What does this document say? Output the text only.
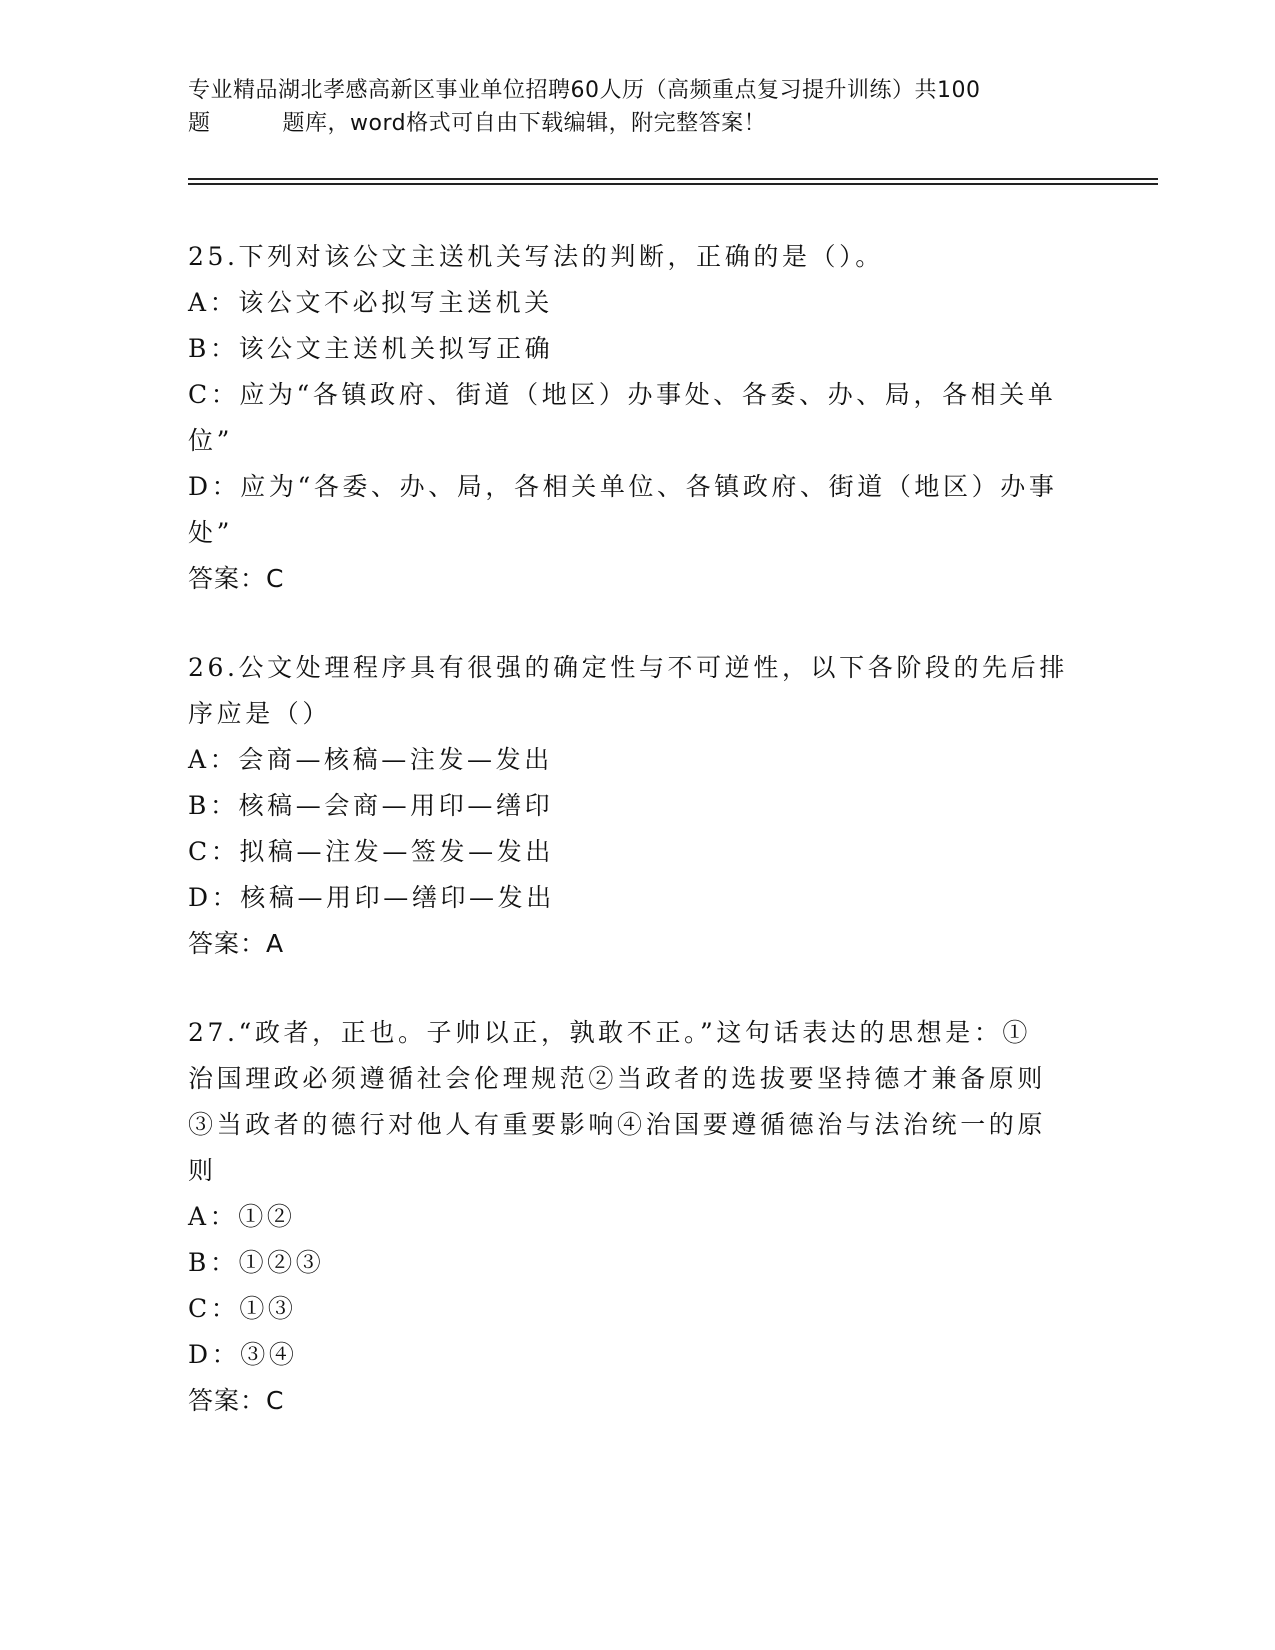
专业精品湖北孝感高新区事业单位招聘60人历（高频重点复习提升训练）共100
题	题库，word格式可自由下载编辑，附完整答案！
25.下列对该公文主送机关写法的判断，正确的是（）。
A：该公文不必拟写主送机关
B：该公文主送机关拟写正确
C：应为“各镇政府、街道（地区）办事处、各委、办、局，各相关单
位”
D：应为“各委、办、局，各相关单位、各镇政府、街道（地区）办事
处”
答案：C
26.公文处理程序具有很强的确定性与不可逆性，以下各阶段的先后排
序应是（）
A：会商—核稿—注发—发出
B：核稿—会商—用印—缮印
C：拟稿—注发—签发—发出
D：核稿—用印—缮印—发出
答案：A
27.“政者，正也。子帅以正，孰敢不正。”这句话表达的思想是：①
治国理政必须遵循社会伦理规范②当政者的选拔要坚持德才兼备原则
③当政者的德行对他人有重要影响④治国要遵循德治与法治统一的原
则
A：①②
B：①②③
C：①③
D：③④
答案：C
